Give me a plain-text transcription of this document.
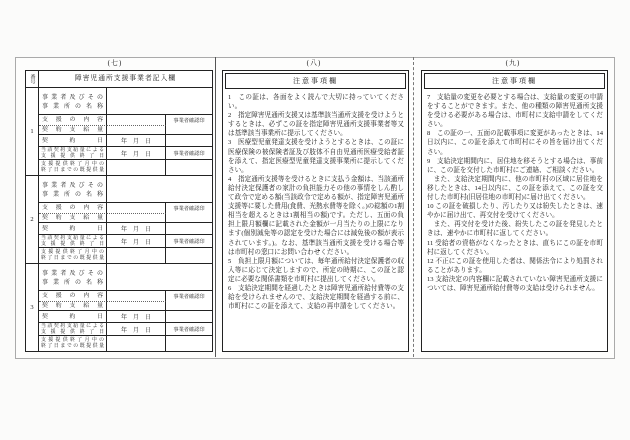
(七)	(八)	(九)
番号	障害児通所支援事業者記入欄
1
事業者及びその
事業所の名称
支援の内容	事業者確認印
契約支給量
契約日	年　月　日
当該契約支給量による
支援提供終了日	年　月　日	事業者確認印
支援提供終了月中の
終了日までの既提供量
2
事業者及びその
事業所の名称
支援の内容	事業者確認印
契約支給量
契約日	年　月　日
当該契約支給量による
支援提供終了日	年　月　日	事業者確認印
支援提供終了月中の
終了日までの既提供量
3
事業者及びその
事業所の名称
支援の内容	事業者確認印
契約支給量
契約日	年　月　日
当該契約支給量による
支援提供終了日	年　月　日	事業者確認印
支援提供終了月中の
終了日までの既提供量
注意事項欄

1　この証は、各面をよく読んで大切に持っていてください。

2　指定障害児通所支援又は基準該当通所支援を受けようとするときは、必ずこの証を指定障害児通所支援事業者等又は基準該当事業所に提示してください。

3　医療型児童発達支援を受けようとするときは、この証に医療保険の被保険者証及び肢体不自由児通所医療受給者証を添えて、指定医療型児童発達支援事業所に提示してください。

4　指定通所支援等を受けるときに支払う金額は、当該通所給付決定保護者の家計の負担能力その他の事情をしん酌して政令で定める額(当該政令で定める額が、指定障害児通所支援等に要した費用(食費、光熱水費等を除く。)の総額の1割相当を超えるときは1割相当の額)です。ただし、五面の負担上限月額欄に記載された金額が一月当たりの上限になります(個別減免等の認定を受けた場合には減免後の額が表示されています。)。なお、基準該当通所支援を受ける場合等は市町村の窓口にお問い合わせください。

5　負担上限月額については、毎年通所給付決定保護者の収入等に応じて決定しますので、所定の時期に、この証と認定に必要な関係書類を市町村に提出してください。

6　支給決定期間を経過したときは障害児通所給付費等の支給を受けられませんので、支給決定期間を経過する前に、市町村にこの証を添えて、支給の再申請をしてください。

注意事項欄

7　支給量の変更を必要とする場合は、支給量の変更の申請をすることができます。また、他の種類の障害児通所支援を受ける必要がある場合は、市町村に支給申請をしてください。

8　この証の一、五面の記載事項に変更があったときは、14日以内に、この証を添えて市町村にその旨を届け出てください。

9　支給決定期間内に、居住地を移そうとする場合は、事前に、この証を交付した市町村にご連絡、ご相談ください。

　また、支給決定期間内に、他の市町村の区域に居住地を移したときは、14日以内に、この証を添えて、この証を交付した市町村(旧居住地の市町村)に届け出てください。

10 この証を破損したり、汚したり又は紛失したときは、速やかに届け出て、再交付を受けてください。

　また、再交付を受けた後、紛失したこの証を発見したときは、速やかに市町村に返してください。

11 受給者の資格がなくなったときは、直ちにこの証を市町村に返してください。

12 不正にこの証を使用した者は、関係法令により処罰されることがあります。

13 支給決定の内容欄に記載されていない障害児通所支援については、障害児通所給付費等の支給は受けられません。
